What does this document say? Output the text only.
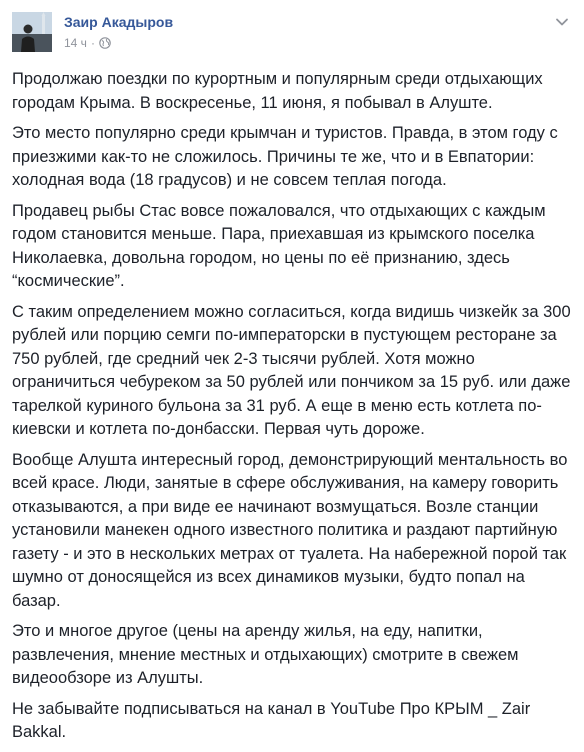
Заир Акадыров
14 ч ·

Продолжаю поездки по курортным и популярным среди отдыхающих городам Крыма. В воскресенье, 11 июня, я побывал в Алуште.

Это место популярно среди крымчан и туристов. Правда, в этом году с приезжими как-то не сложилось. Причины те же, что и в Евпатории: холодная вода (18 градусов) и не совсем теплая погода.

Продавец рыбы Стас вовсе пожаловался, что отдыхающих с каждым годом становится меньше. Пара, приехавшая из крымского поселка Николаевка, довольна городом, но цены по её признанию, здесь “космические”.

С таким определением можно согласиться, когда видишь чизкейк за 300 рублей или порцию семги по-императорски в пустующем ресторане за 750 рублей, где средний чек 2-3 тысячи рублей. Хотя можно ограничиться чебуреком за 50 рублей или пончиком за 15 руб. или даже тарелкой куриного бульона за 31 руб. А еще в меню есть котлета по-киевски и котлета по-донбасски. Первая чуть дороже.

Вообще Алушта интересный город, демонстрирующий ментальность во всей красе. Люди, занятые в сфере обслуживания, на камеру говорить отказываются, а при виде ее начинают возмущаться. Возле станции установили манекен одного известного политика и раздают партийную газету - и это в нескольких метрах от туалета. На набережной порой так шумно от доносящейся из всех динамиков музыки, будто попал на базар.

Это и многое другое (цены на аренду жилья, на еду, напитки, развлечения, мнение местных и отдыхающих) смотрите в свежем видеообзоре из Алушты.

Не забывайте подписываться на канал в YouTube Про КРЫМ _ Zair Bakkal.
